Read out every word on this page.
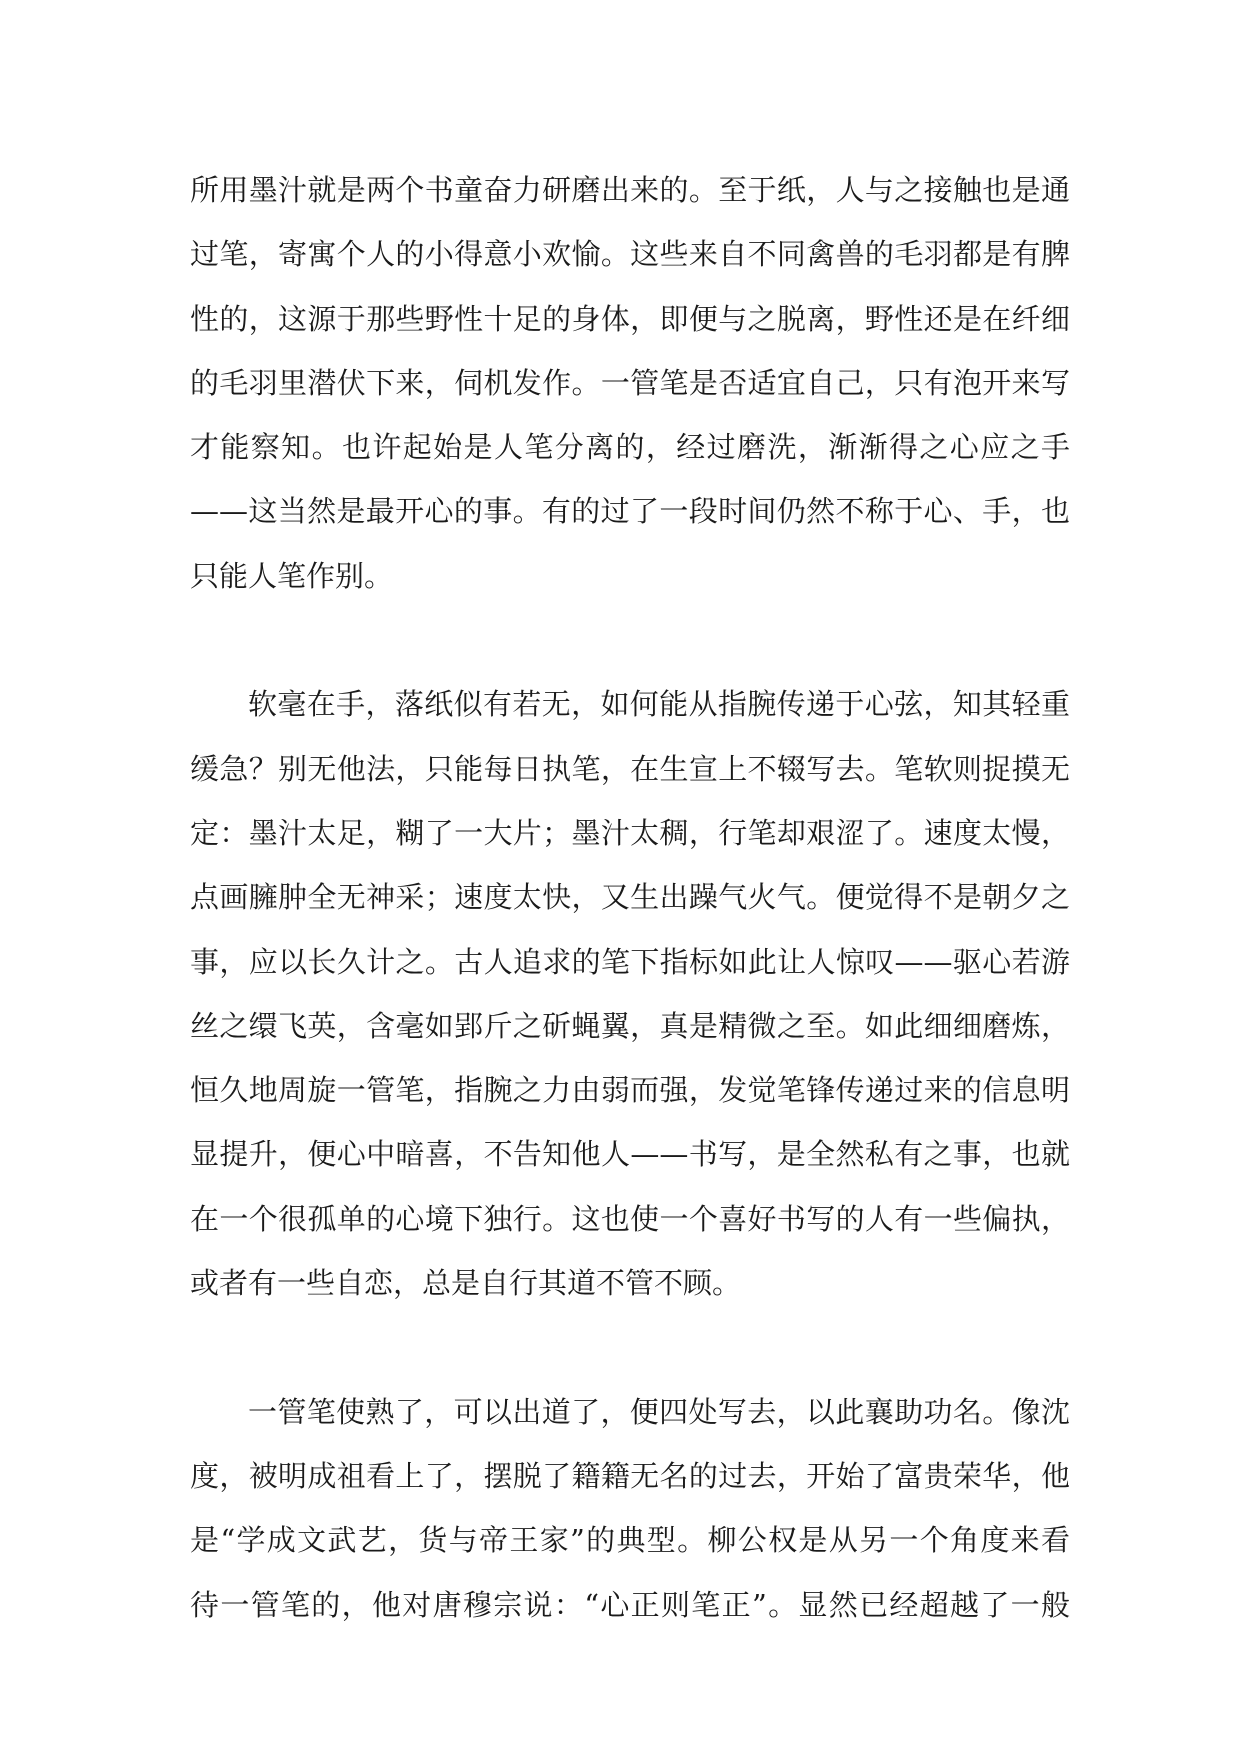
所用墨汁就是两个书童奋力研磨出来的。至于纸，人与之接触也是通
过笔，寄寓个人的小得意小欢愉。这些来自不同禽兽的毛羽都是有脾
性的，这源于那些野性十足的身体，即便与之脱离，野性还是在纤细
的毛羽里潜伏下来，伺机发作。一管笔是否适宜自己，只有泡开来写
才能察知。也许起始是人笔分离的，经过磨洗，渐渐得之心应之手
——这当然是最开心的事。有的过了一段时间仍然不称于心、手，也
只能人笔作别。
软毫在手，落纸似有若无，如何能从指腕传递于心弦，知其轻重
缓急？别无他法，只能每日执笔，在生宣上不辍写去。笔软则捉摸无
定：墨汁太足，糊了一大片；墨汁太稠，行笔却艰涩了。速度太慢，
点画臃肿全无神采；速度太快，又生出躁气火气。便觉得不是朝夕之
事，应以长久计之。古人追求的笔下指标如此让人惊叹——驱心若游
丝之缳飞英，含毫如郢斤之斫蝇翼，真是精微之至。如此细细磨炼，
恒久地周旋一管笔，指腕之力由弱而强，发觉笔锋传递过来的信息明
显提升，便心中暗喜，不告知他人——书写，是全然私有之事，也就
在一个很孤单的心境下独行。这也使一个喜好书写的人有一些偏执，
或者有一些自恋，总是自行其道不管不顾。
一管笔使熟了，可以出道了，便四处写去，以此襄助功名。像沈
度，被明成祖看上了，摆脱了籍籍无名的过去，开始了富贵荣华，他
是“学成文武艺，货与帝王家”的典型。柳公权是从另一个角度来看
待一管笔的，他对唐穆宗说：“心正则笔正”。显然已经超越了一般
